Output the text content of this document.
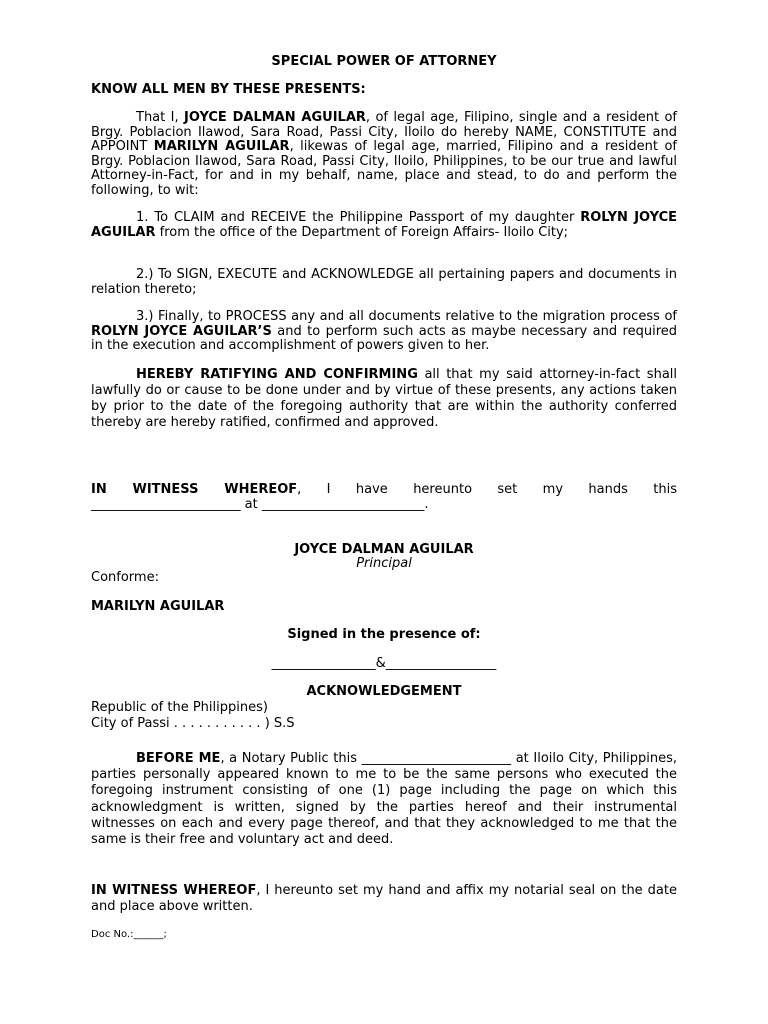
SPECIAL POWER OF ATTORNEY
KNOW ALL MEN BY THESE PRESENTS:

That I, JOYCE DALMAN AGUILAR, of legal age, Filipino, single and a resident of Brgy. Poblacion Ilawod, Sara Road, Passi City, Iloilo do hereby NAME, CONSTITUTE and APPOINT MARILYN AGUILAR, likewas of legal age, married, Filipino and a resident of Brgy. Poblacion Ilawod, Sara Road, Passi City, Iloilo, Philippines, to be our true and lawful Attorney-in-Fact, for and in my behalf, name, place and stead, to do and perform the following, to wit:

1. To CLAIM and RECEIVE the Philippine Passport of my daughter ROLYN JOYCE AGUILAR from the office of the Department of Foreign Affairs- Iloilo City;

2.) To SIGN, EXECUTE and ACKNOWLEDGE all pertaining papers and documents in relation thereto;

3.) Finally, to PROCESS any and all documents relative to the migration process of ROLYN JOYCE AGUILAR’S and to perform such acts as maybe necessary and required in the execution and accomplishment of powers given to her.

HEREBY RATIFYING AND CONFIRMING all that my said attorney-in-fact shall lawfully do or cause to be done under and by virtue of these presents, any actions taken by prior to the date of the foregoing authority that are within the authority conferred thereby are hereby ratified, confirmed and approved.

IN WITNESS WHEREOF, I have hereunto set my hands this

_______________________ at _________________________.
JOYCE DALMAN AGUILAR
Principal
Conforme:
MARILYN AGUILAR
Signed in the presence of:
________________&_________________
ACKNOWLEDGEMENT
Republic of the Philippines)
City of Passi . . . . . . . . . . . ) S.S

BEFORE ME, a Notary Public this _______________________ at Iloilo City, Philippines, parties personally appeared known to me to be the same persons who executed the foregoing instrument consisting of one (1) page including the page on which this acknowledgment is written, signed by the parties hereof and their instrumental witnesses on each and every page thereof, and that they acknowledged to me that the same is their free and voluntary act and deed.

IN WITNESS WHEREOF, I hereunto set my hand and affix my notarial seal on the date and place above written.

Doc No.:______;
